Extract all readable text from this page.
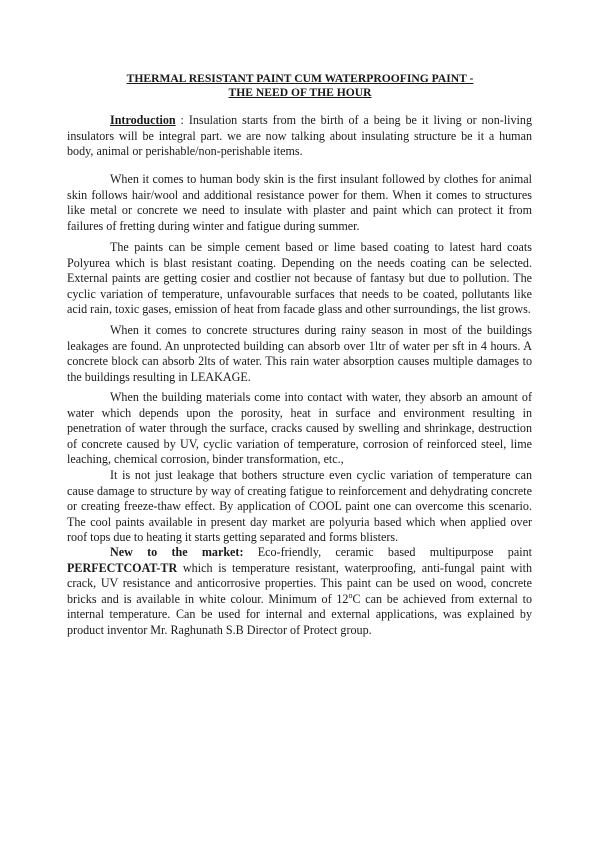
THERMAL RESISTANT PAINT CUM WATERPROOFING PAINT -
THE NEED OF THE HOUR
Introduction : Insulation starts from the birth of a being be it living or non-living insulators will be integral part. we are now talking about insulating structure be it a human body, animal or perishable/non-perishable items.
When it comes to human body skin is the first insulant followed by clothes for animal skin follows hair/wool and additional resistance power for them. When it comes to structures like metal or concrete we need to insulate with plaster and paint which can protect it from failures of fretting during winter and fatigue during summer.
The paints can be simple cement based or lime based coating to latest hard coats Polyurea which is blast resistant coating. Depending on the needs coating can be selected. External paints are getting cosier and costlier not because of fantasy but due to pollution. The cyclic variation of temperature, unfavourable surfaces that needs to be coated, pollutants like acid rain, toxic gases, emission of heat from facade glass and other surroundings, the list grows.
When it comes to concrete structures during rainy season in most of the buildings leakages are found. An unprotected building can absorb over 1ltr of water per sft in 4 hours. A concrete block can absorb 2lts of water. This rain water absorption causes multiple damages to the buildings resulting in LEAKAGE.
When the building materials come into contact with water, they absorb an amount of water which depends upon the porosity, heat in surface and environment resulting in penetration of water through the surface, cracks caused by swelling and shrinkage, destruction of concrete caused by UV, cyclic variation of temperature, corrosion of reinforced steel, lime leaching, chemical corrosion, binder transformation, etc.,
It is not just leakage that bothers structure even cyclic variation of temperature can cause damage to structure by way of creating fatigue to reinforcement and dehydrating concrete or creating freeze-thaw effect. By application of COOL paint one can overcome this scenario. The cool paints available in present day market are polyuria based which when applied over roof tops due to heating it starts getting separated and forms blisters.
New to the market: Eco-friendly, ceramic based multipurpose paint PERFECTCOAT-TR which is temperature resistant, waterproofing, anti-fungal paint with crack, UV resistance and anticorrosive properties. This paint can be used on wood, concrete bricks and is available in white colour. Minimum of 12$^o$C can be achieved from external to internal temperature. Can be used for internal and external applications, was explained by product inventor Mr. Raghunath S.B Director of Protect group.
